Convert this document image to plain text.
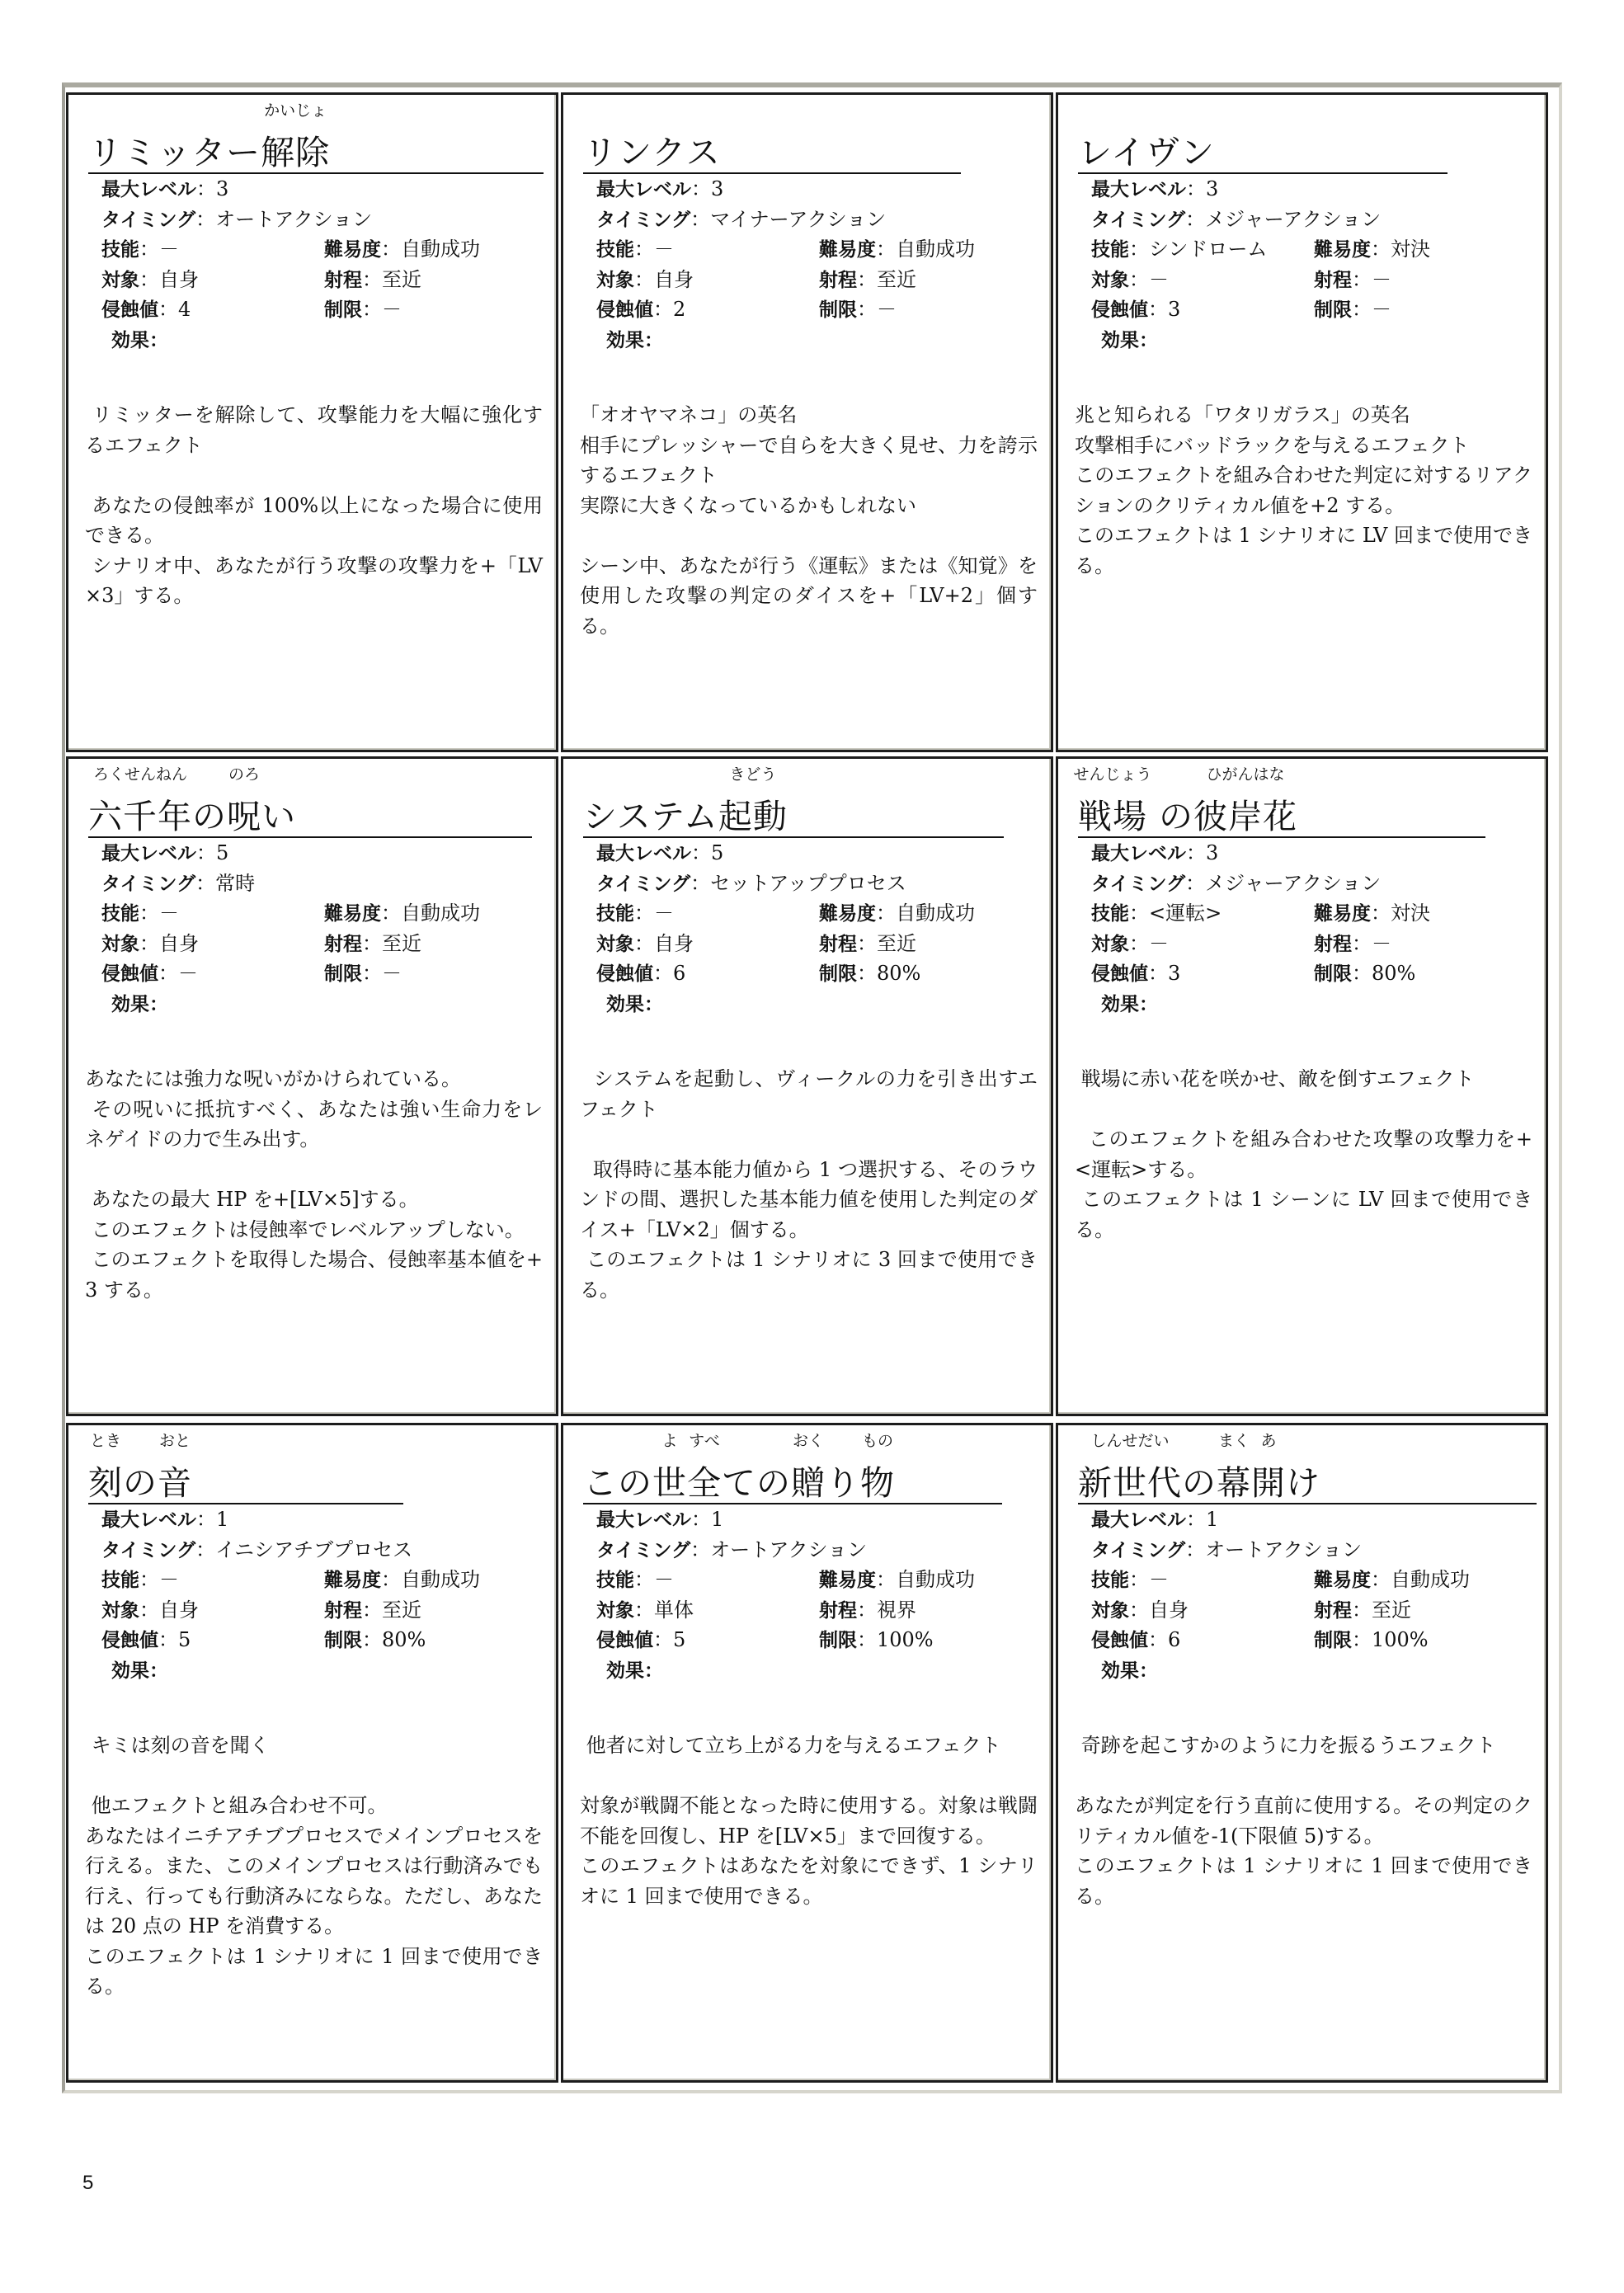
かいじょ
リミッター解除
最大レベル：3
タイミング：オートアクション
技能：－	難易度：自動成功
対象：自身	射程：至近
侵蝕値：4	制限：－
効果：
リミッターを解除して、攻撃能力を大幅に強化するエフェクト

あなたの侵蝕率が 100%以上になった場合に使用できる。
シナリオ中、あなたが行う攻撃の攻撃力を+「LV×3」する。
リンクス
最大レベル：3
タイミング：マイナーアクション
技能：－	難易度：自動成功
対象：自身	射程：至近
侵蝕値：2	制限：－
効果：
「オオヤマネコ」の英名
相手にプレッシャーで自らを大きく見せ、力を誇示するエフェクト
実際に大きくなっているかもしれない

シーン中、あなたが行う《運転》または《知覚》を使用した攻撃の判定のダイスを+「LV+2」個する。
レイヴン
最大レベル：3
タイミング：メジャーアクション
技能：シンドローム 難易度：対決
対象：－	射程：－
侵蝕値：3	制限：－
効果：
兆と知られる「ワタリガラス」の英名
攻撃相手にバッドラックを与えるエフェクト
このエフェクトを組み合わせた判定に対するリアクションのクリティカル値を+2 する。
このエフェクトは 1 シナリオに LV 回まで使用できる。
ろくせんねん	のろ
六千年の呪い
最大レベル：5
タイミング：常時
技能：－	難易度：自動成功
対象：自身	射程：至近
侵蝕値：－	制限：－
効果：
あなたには強力な呪いがかけられている。
その呪いに抵抗すべく、あなたは強い生命力をレネゲイドの力で生み出す。

あなたの最大 HP を+[LV×5]する。
このエフェクトは侵蝕率でレベルアップしない。
このエフェクトを取得した場合、侵蝕率基本値を+3 する。
きどう
システム起動
最大レベル：5
タイミング：セットアッププロセス
技能：－	難易度：自動成功
対象：自身	射程：至近
侵蝕値：6	制限：80%
効果：
システムを起動し、ヴィークルの力を引き出すエフェクト

取得時に基本能力値から 1 つ選択する、そのラウンドの間、選択した基本能力値を使用した判定のダイス+「LV×2」個する。
このエフェクトは 1 シナリオに 3 回まで使用できる。
せんじょう	ひがんはな
戦場 の彼岸花
最大レベル：3
タイミング：メジャーアクション
技能：<運転>	難易度：対決
対象：－	射程：－
侵蝕値：3	制限：80%
効果：
戦場に赤い花を咲かせ、敵を倒すエフェクト

このエフェクトを組み合わせた攻撃の攻撃力を+<運転>する。
このエフェクトは 1 シーンに LV 回まで使用できる。
とき おと
刻の音
最大レベル：1
タイミング：イニシアチブプロセス
技能：－	難易度：自動成功
対象：自身	射程：至近
侵蝕値：5	制限：80%
効果：
キミは刻の音を聞く

他エフェクトと組み合わせ不可。
あなたはイニチアチブプロセスでメインプロセスを行える。また、このメインプロセスは行動済みでも行え、行っても行動済みにならな。ただし、あなたは 20 点の HP を消費する。
このエフェクトは 1 シナリオに 1 回まで使用できる。
よ すべ	おく もの
この世全ての贈り物
最大レベル：1
タイミング：オートアクション
技能：－	難易度：自動成功
対象：単体	射程：視界
侵蝕値：5	制限：100%
効果：
他者に対して立ち上がる力を与えるエフェクト

対象が戦闘不能となった時に使用する。対象は戦闘不能を回復し、HP を[LV×5」まで回復する。
このエフェクトはあなたを対象にできず、1 シナリオに 1 回まで使用できる。
しんせだい	まく あ
新世代の幕開け
最大レベル：1
タイミング：オートアクション
技能：－	難易度：自動成功
対象：自身	射程：至近
侵蝕値：6	制限：100%
効果：
奇跡を起こすかのように力を振るうエフェクト

あなたが判定を行う直前に使用する。その判定のクリティカル値を-1(下限値 5)する。
このエフェクトは 1 シナリオに 1 回まで使用できる。
5
